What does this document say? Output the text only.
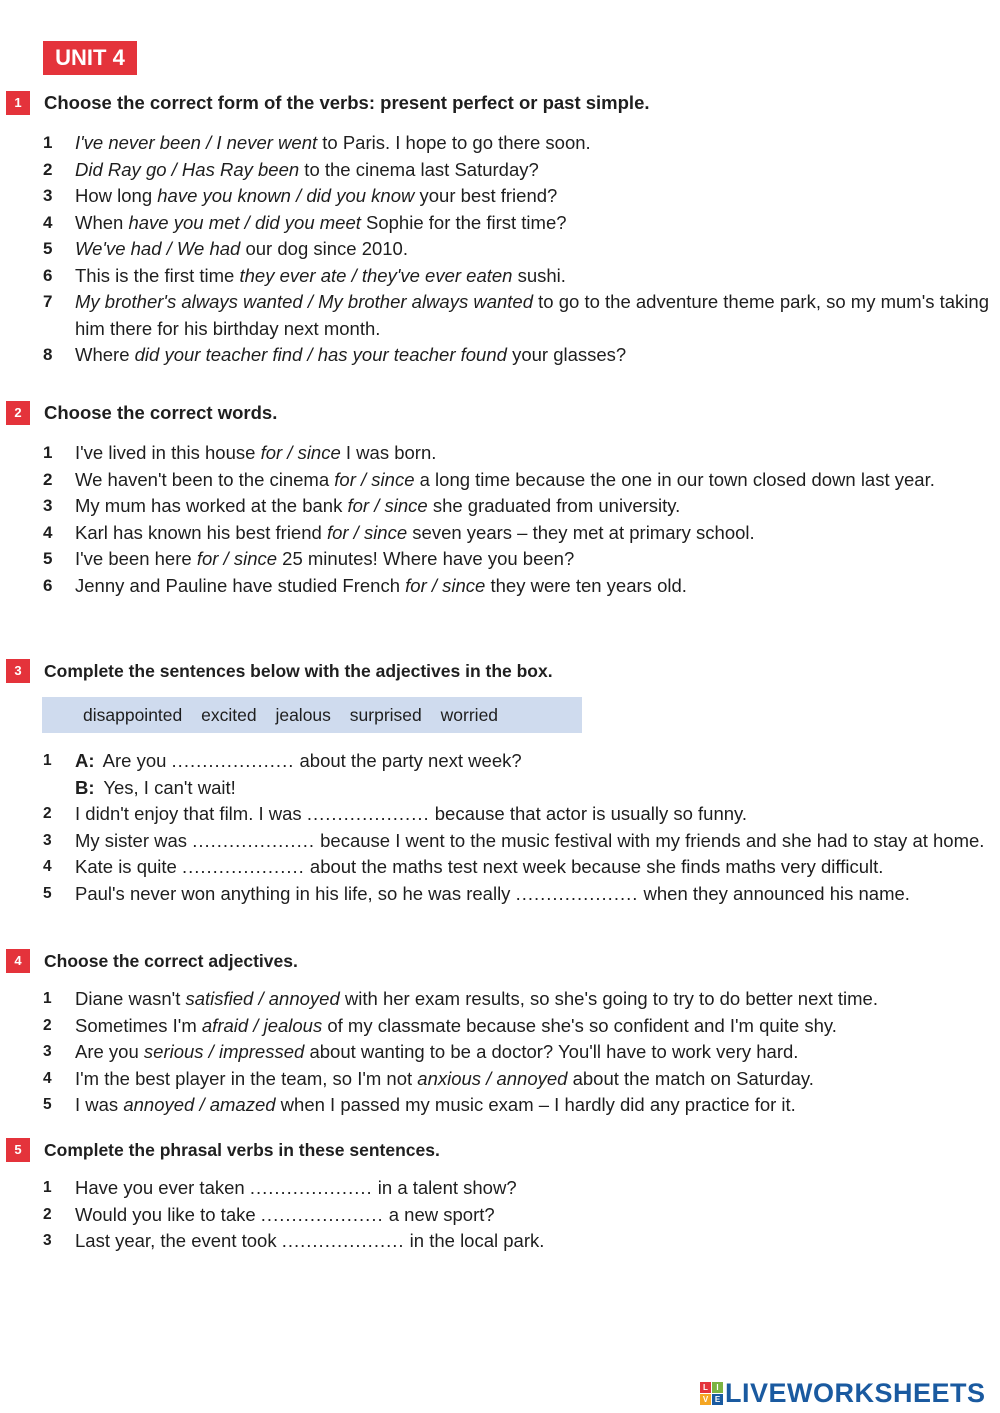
UNIT 4
1	Choose the correct form of the verbs: present perfect or past simple.
1 I've never been / I never went to Paris. I hope to go there soon.
2 Did Ray go / Has Ray been to the cinema last Saturday?
3 How long have you known / did you know your best friend?
4 When have you met / did you meet Sophie for the first time?
5 We've had / We had our dog since 2010.
6 This is the first time they ever ate / they've ever eaten sushi.
7 My brother's always wanted / My brother always wanted to go to the adventure theme park, so my mum's taking him there for his birthday next month.
8 Where did your teacher find / has your teacher found your glasses?
2	Choose the correct words.
1 I've lived in this house for / since I was born.
2 We haven't been to the cinema for / since a long time because the one in our town closed down last year.
3 My mum has worked at the bank for / since she graduated from university.
4 Karl has known his best friend for / since seven years – they met at primary school.
5 I've been here for / since 25 minutes! Where have you been?
6 Jenny and Pauline have studied French for / since they were ten years old.
3	Complete the sentences below with the adjectives in the box.
disappointed excited jealous surprised worried
1 A: Are you .................... about the party next week?
B: Yes, I can't wait!
2 I didn't enjoy that film. I was .................... because that actor is usually so funny.
3 My sister was .................... because I went to the music festival with my friends and she had to stay at home.
4 Kate is quite .................... about the maths test next week because she finds maths very difficult.
5 Paul's never won anything in his life, so he was really .................... when they announced his name.
4	Choose the correct adjectives.
1 Diane wasn't satisfied / annoyed with her exam results, so she's going to try to do better next time.
2 Sometimes I'm afraid / jealous of my classmate because she's so confident and I'm quite shy.
3 Are you serious / impressed about wanting to be a doctor? You'll have to work very hard.
4 I'm the best player in the team, so I'm not anxious / annoyed about the match on Saturday.
5 I was annoyed / amazed when I passed my music exam – I hardly did any practice for it.
5	Complete the phrasal verbs in these sentences.
1 Have you ever taken .................... in a talent show?
2 Would you like to take .................... a new sport?
3 Last year, the event took .................... in the local park.
L	I
V E LIVEWORKSHEETS
